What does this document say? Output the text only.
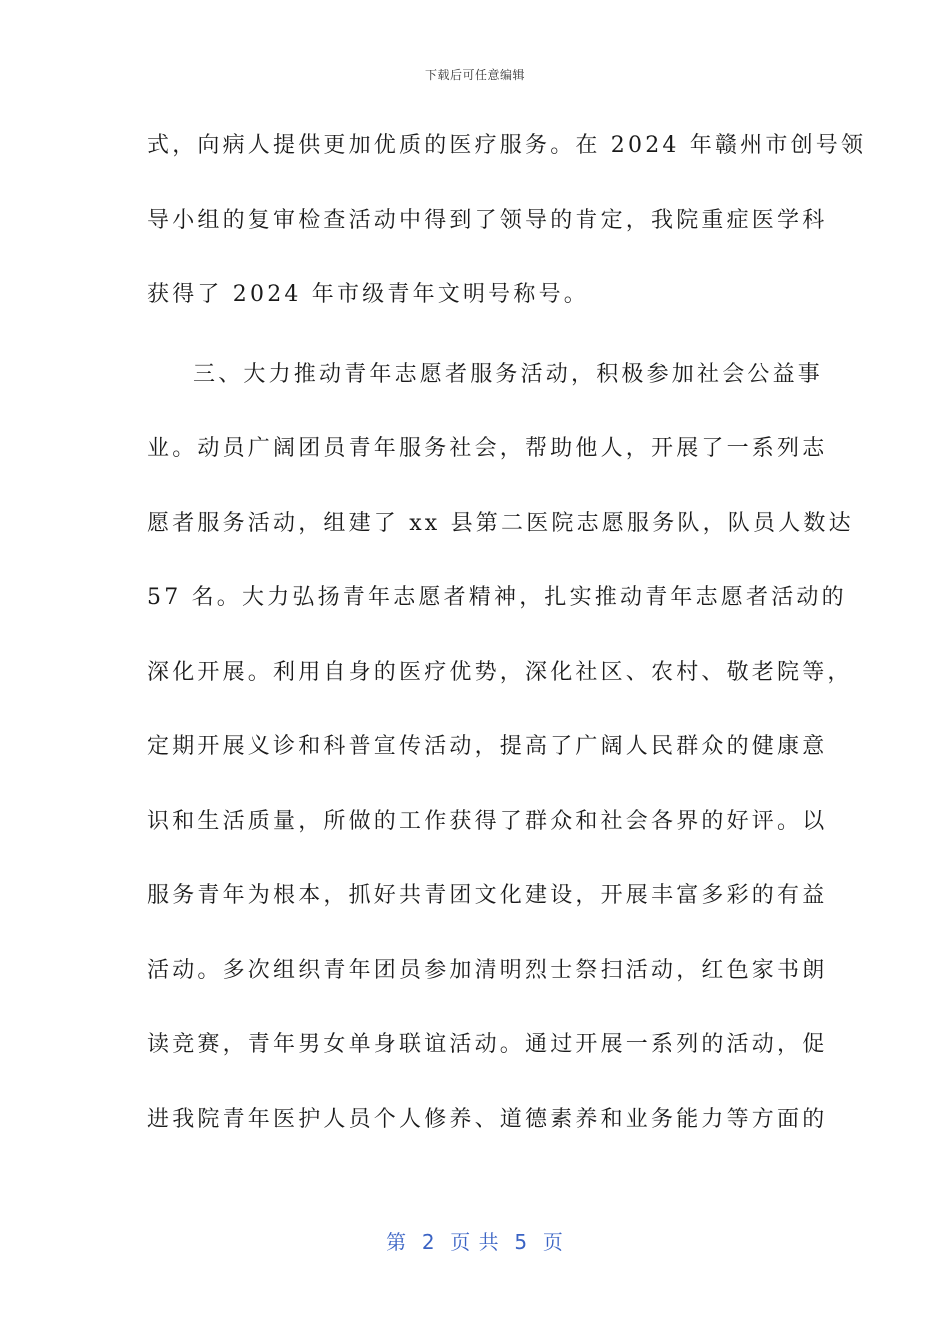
下载后可任意编辑
式，向病人提供更加优质的医疗服务。在 2024 年赣州市创号领
导小组的复审检查活动中得到了领导的肯定，我院重症医学科
获得了 2024 年市级青年文明号称号。
三、大力推动青年志愿者服务活动，积极参加社会公益事
业。动员广阔团员青年服务社会，帮助他人，开展了一系列志
愿者服务活动，组建了 xx 县第二医院志愿服务队，队员人数达
57 名。大力弘扬青年志愿者精神，扎实推动青年志愿者活动的
深化开展。利用自身的医疗优势，深化社区、农村、敬老院等，
定期开展义诊和科普宣传活动，提高了广阔人民群众的健康意
识和生活质量，所做的工作获得了群众和社会各界的好评。以
服务青年为根本，抓好共青团文化建设，开展丰富多彩的有益
活动。多次组织青年团员参加清明烈士祭扫活动，红色家书朗
读竞赛，青年男女单身联谊活动。通过开展一系列的活动，促
进我院青年医护人员个人修养、道德素养和业务能力等方面的
第  2  页 共  5  页
